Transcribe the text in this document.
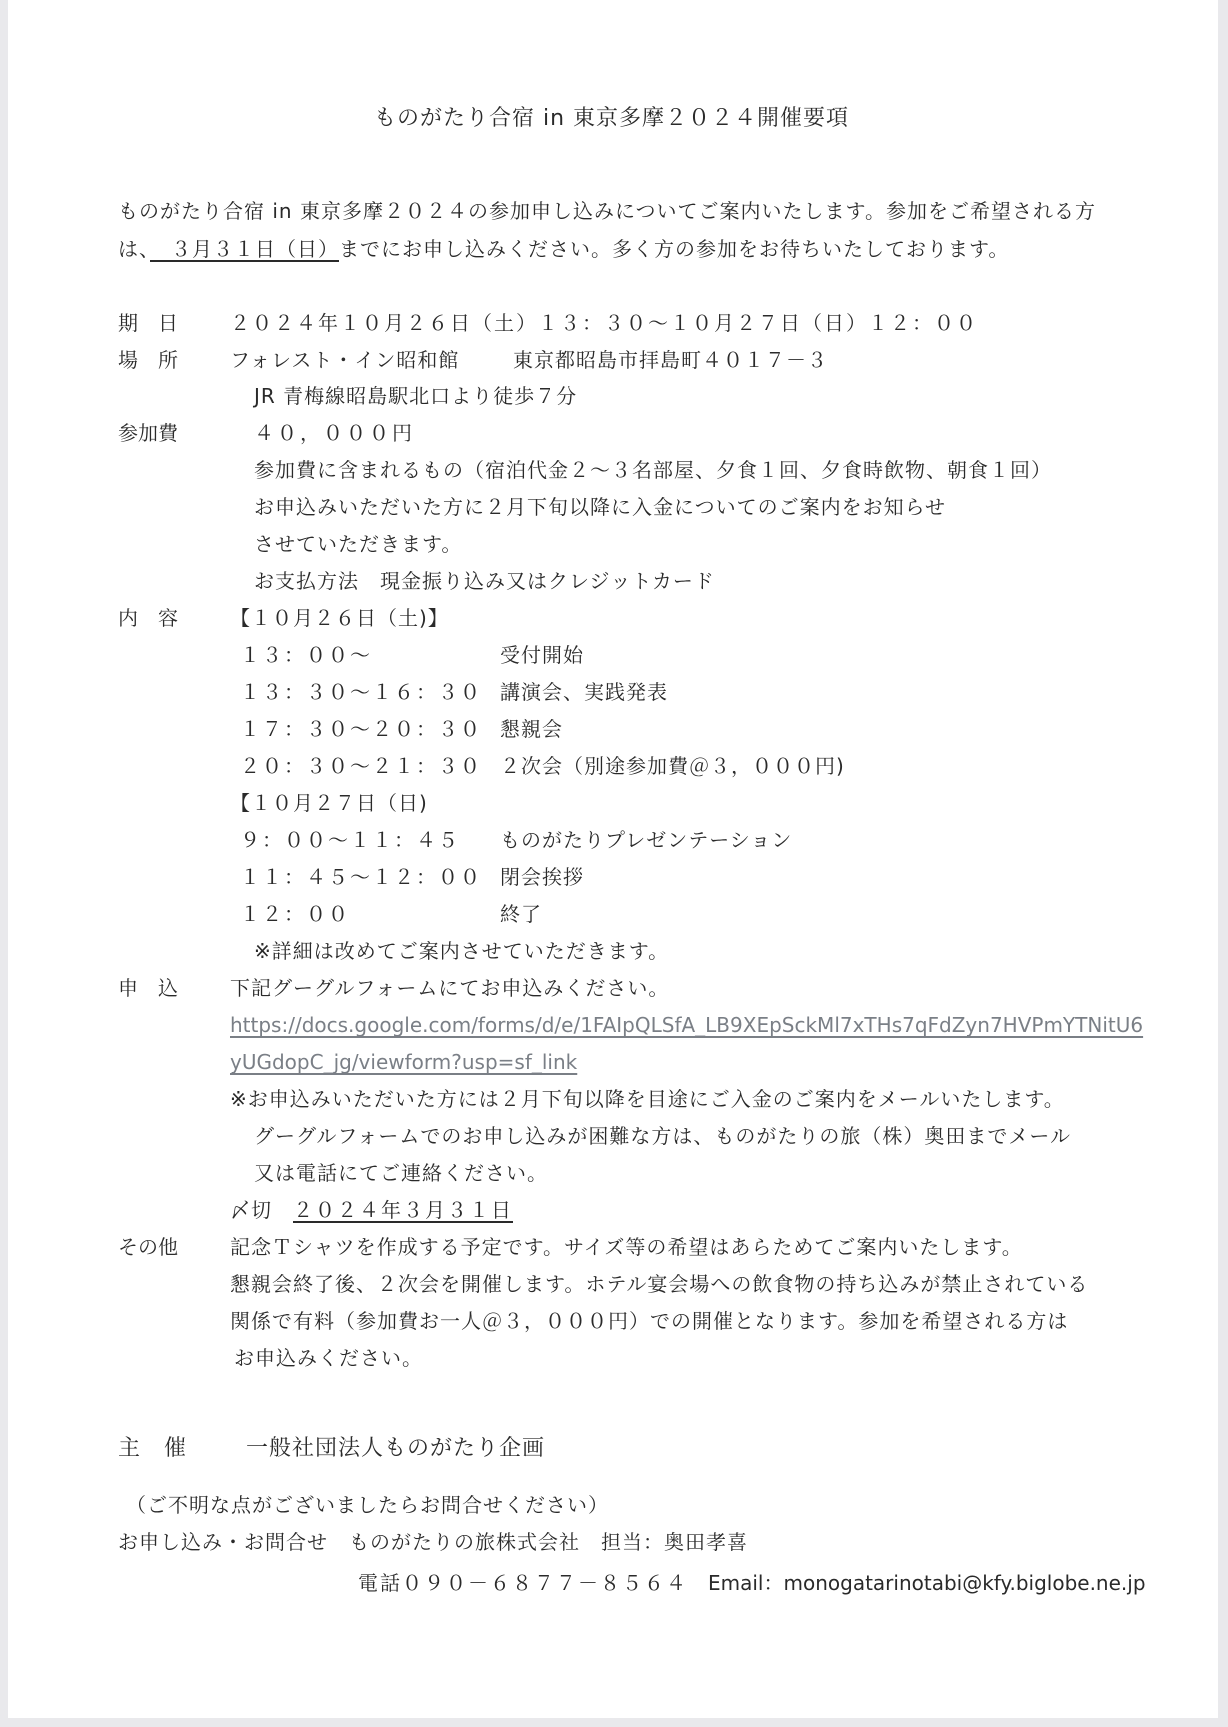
ものがたり合宿 in 東京多摩２０２４開催要項
ものがたり合宿 in 東京多摩２０２４の参加申し込みについてご案内いたします。参加をご希望される方
は、　３月３１日（日）までにお申し込みください。多く方の参加をお待ちいたしております。
期　日	２０２４年１０月２６日（土）１３：３０～１０月２７日（日）１２：００
場　所	フォレスト・イン昭和館	東京都昭島市拝島町４０１７－３
JR 青梅線昭島駅北口より徒歩７分
参加費	４０，０００円
参加費に含まれるもの（宿泊代金２～３名部屋、夕食１回、夕食時飲物、朝食１回）
お申込みいただいた方に２月下旬以降に入金についてのご案内をお知らせ
させていただきます。
お支払方法　現金振り込み又はクレジットカード
内　容	【１０月２６日（土)】
１３：００～	受付開始
１３：３０～１６：３０ 講演会、実践発表
１７：３０～２０：３０ 懇親会
２０：３０～２１：３０ ２次会（別途参加費＠３，０００円)
【１０月２７日（日)
９：００～１１：４５ ものがたりプレゼンテーション
１１：４５～１２：００ 閉会挨拶
１２：００	終了
※詳細は改めてご案内させていただきます。
申　込	下記グーグルフォームにてお申込みください。
https://docs.google.com/forms/d/e/1FAIpQLSfA_LB9XEpSckMl7xTHs7qFdZyn7HVPmYTNitU6
yUGdopC_jg/viewform?usp=sf_link
※お申込みいただいた方には２月下旬以降を目途にご入金のご案内をメールいたします。
グーグルフォームでのお申し込みが困難な方は、ものがたりの旅（株）奥田までメール
又は電話にてご連絡ください。
〆切　 ２０２４年３月３１日
その他	記念Ｔシャツを作成する予定です。サイズ等の希望はあらためてご案内いたします。
懇親会終了後、２次会を開催します。ホテル宴会場への飲食物の持ち込みが禁止されている
関係で有料（参加費お一人＠３，０００円）での開催となります。参加を希望される方は
お申込みください。
主　催	一般社団法人ものがたり企画
（ご不明な点がございましたらお問合せください）
お申し込み・お問合せ　ものがたりの旅株式会社　担当：奥田孝喜
電話０９０－６８７７－８５６４ Email：monogatarinotabi@kfy.biglobe.ne.jp
